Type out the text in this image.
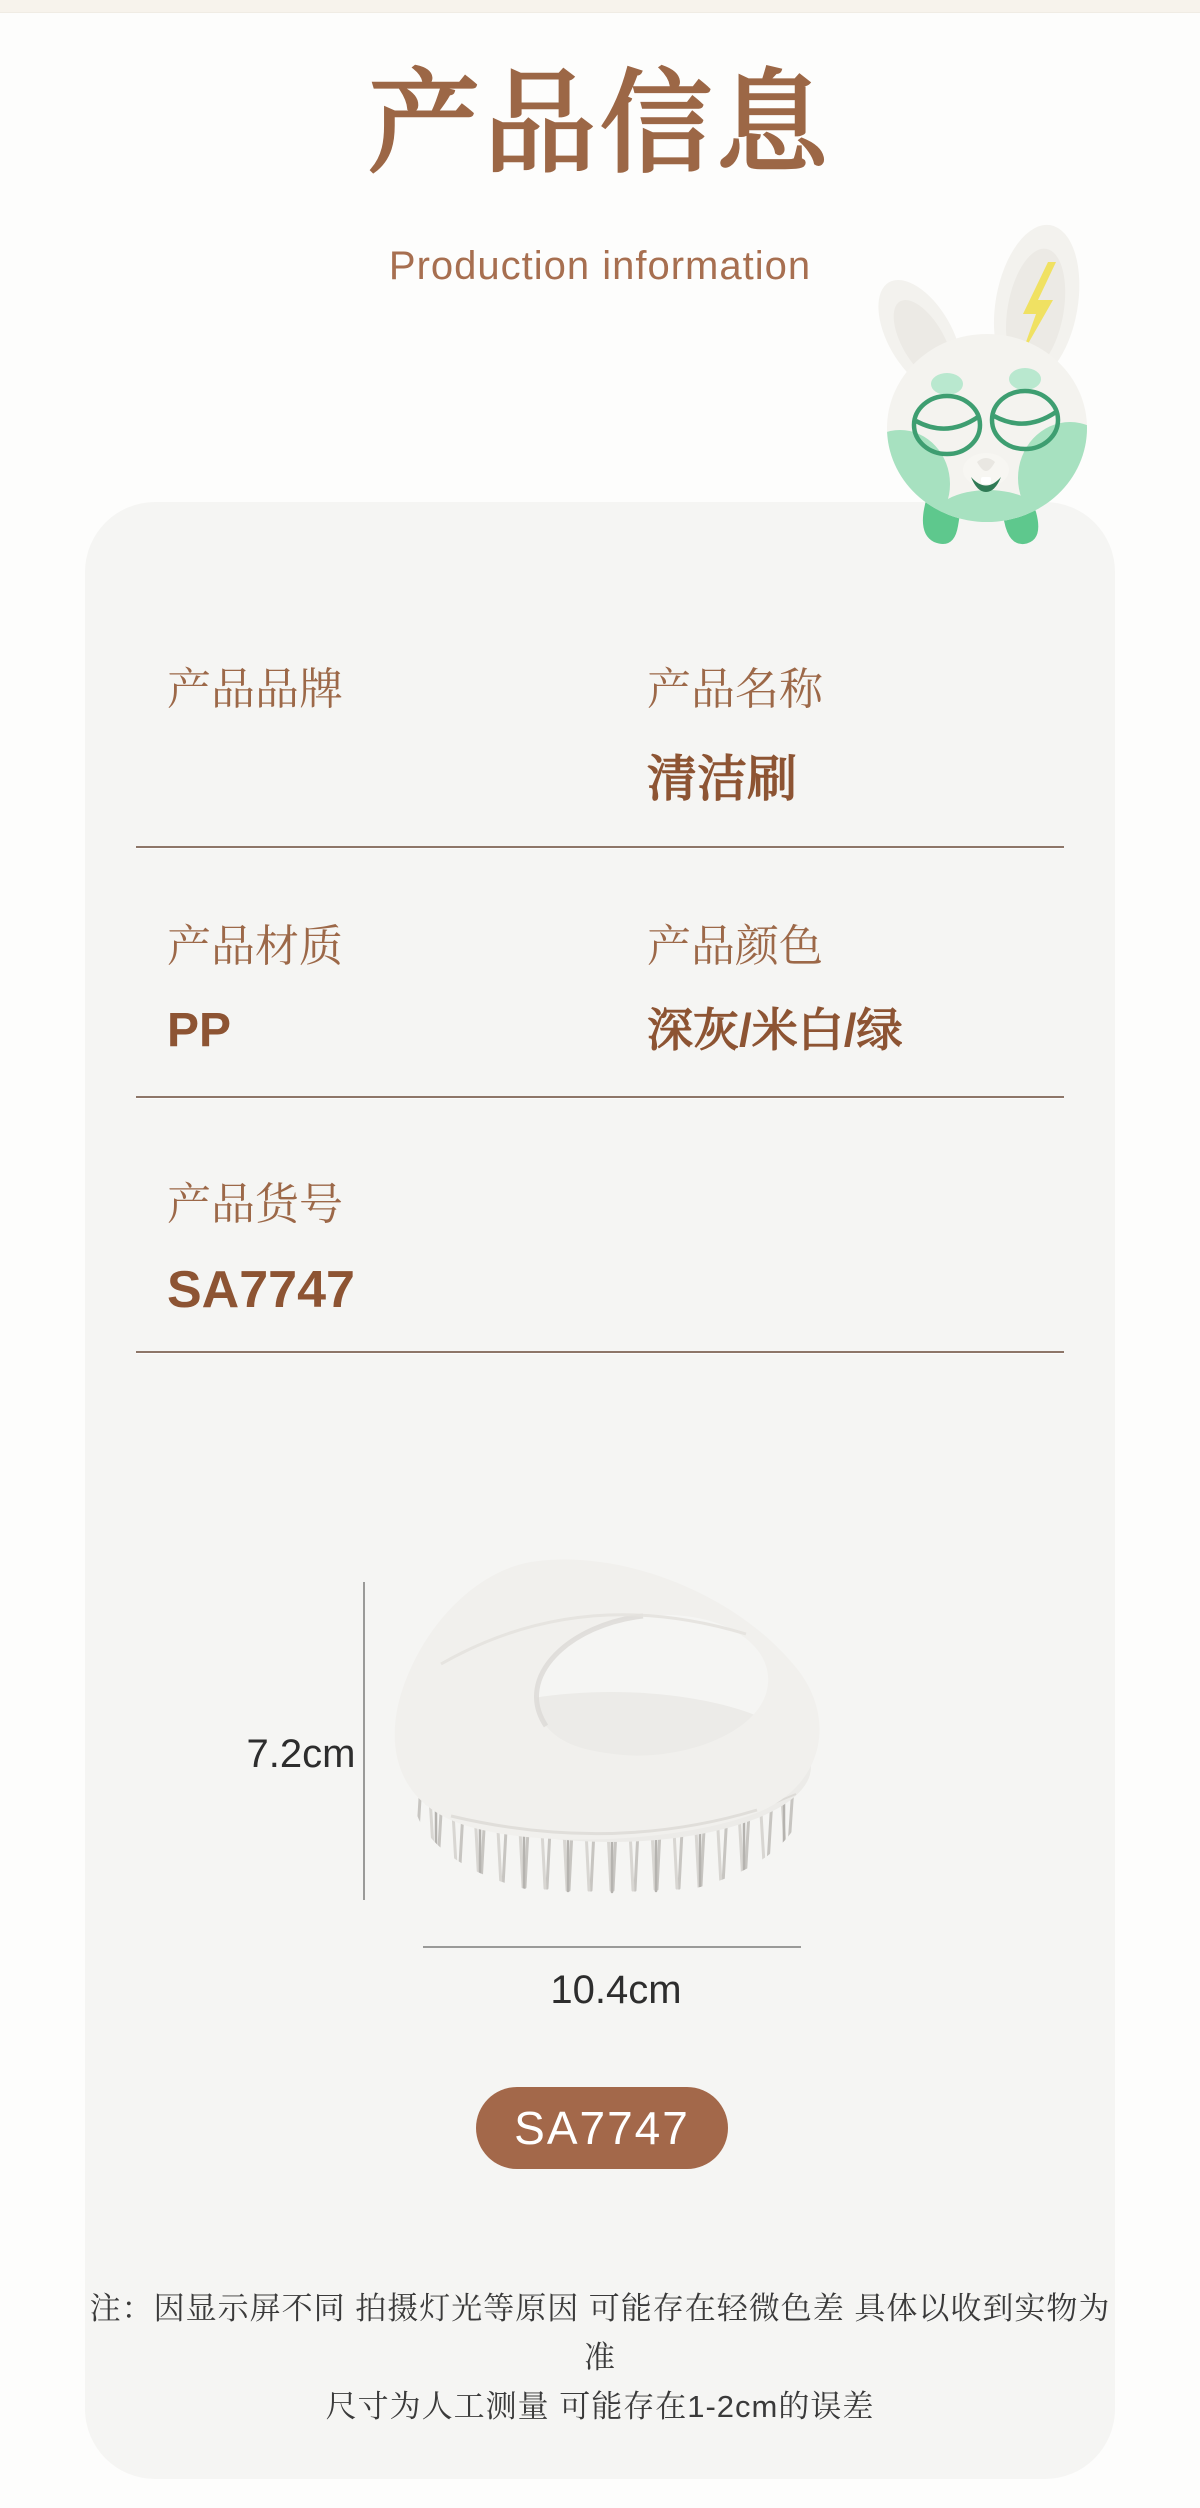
产品信息
Production information
产品品牌	产品名称
清洁刷
产品材质
PP
产品颜色
深灰/米白/绿
产品货号
SA7747
7.2cm
10.4cm
SA7747
注：因显示屏不同 拍摄灯光等原因 可能存在轻微色差 具体以收到实物为准
尺寸为人工测量 可能存在1-2cm的误差
